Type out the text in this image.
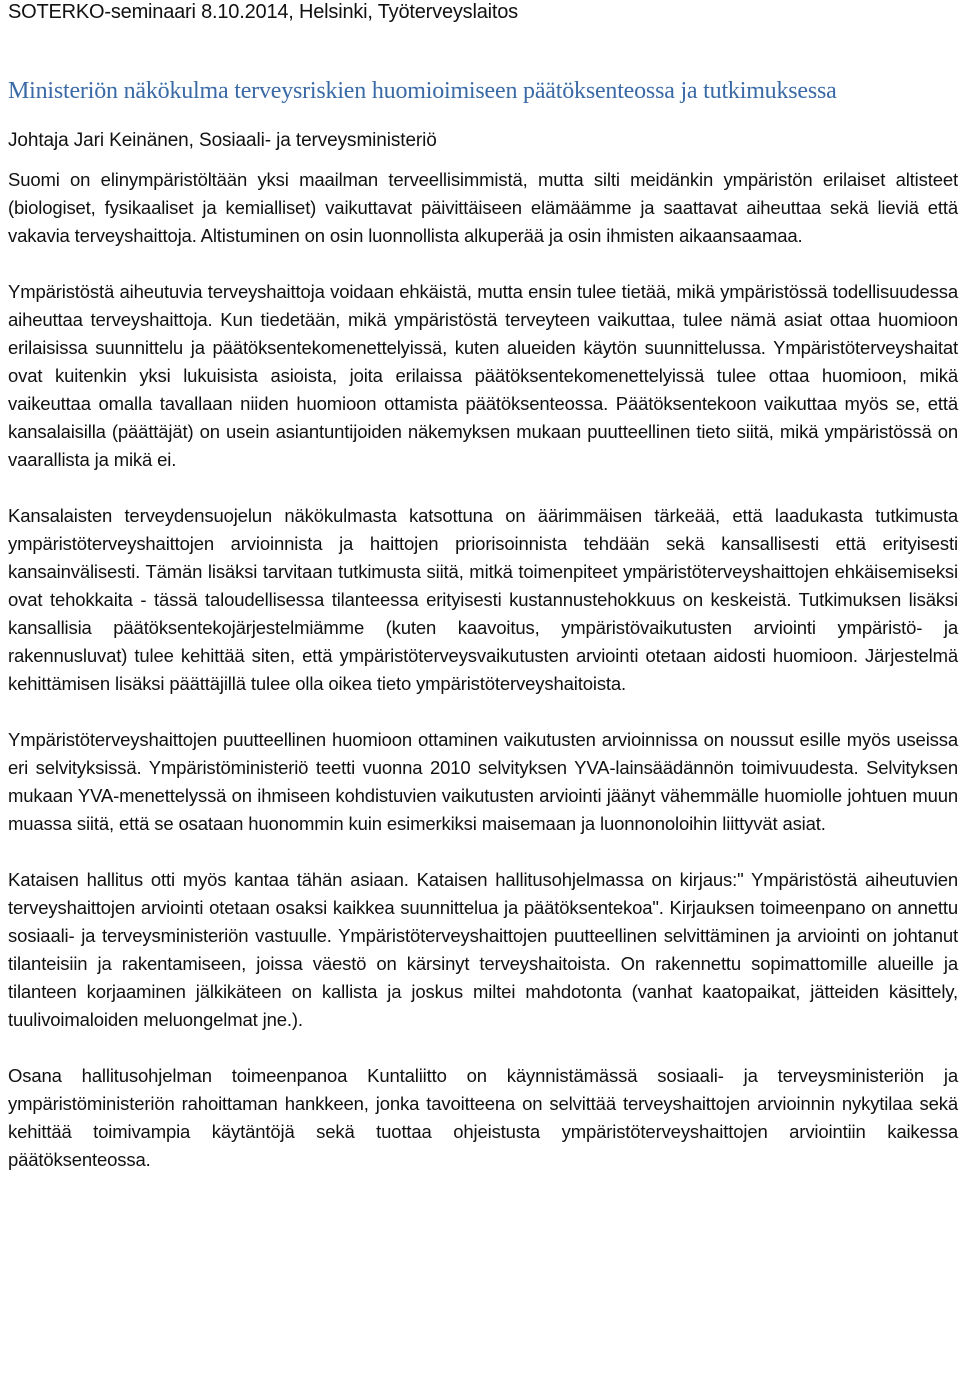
SOTERKO-seminaari 8.10.2014, Helsinki, Työterveyslaitos
Ministeriön näkökulma terveysriskien huomioimiseen päätöksenteossa ja tutkimuksessa
Johtaja Jari Keinänen, Sosiaali- ja terveysministeriö

Suomi on elinympäristöltään yksi maailman terveellisimmistä, mutta silti meidänkin ympäristön erilaiset altisteet (biologiset, fysikaaliset ja kemialliset) vaikuttavat päivittäiseen elämäämme ja saattavat aiheuttaa sekä lieviä että vakavia terveyshaittoja. Altistuminen on osin luonnollista alkuperää ja osin ihmisten aikaansaamaa.

Ympäristöstä aiheutuvia terveyshaittoja voidaan ehkäistä, mutta ensin tulee tietää, mikä ympäristössä todellisuudessa aiheuttaa terveyshaittoja. Kun tiedetään, mikä ympäristöstä terveyteen vaikuttaa, tulee nämä asiat ottaa huomioon erilaisissa suunnittelu ja päätöksentekomenettelyissä, kuten alueiden käytön suunnittelussa. Ympäristöterveyshaitat ovat kuitenkin yksi lukuisista asioista, joita erilaissa päätöksentekomenettelyissä tulee ottaa huomioon, mikä vaikeuttaa omalla tavallaan niiden huomioon ottamista päätöksenteossa. Päätöksentekoon vaikuttaa myös se, että kansalaisilla (päättäjät) on usein asiantuntijoiden näkemyksen mukaan puutteellinen tieto siitä, mikä ympäristössä on vaarallista ja mikä ei.

Kansalaisten terveydensuojelun näkökulmasta katsottuna on äärimmäisen tärkeää, että laadukasta tutkimusta ympäristöterveyshaittojen arvioinnista ja haittojen priorisoinnista tehdään sekä kansallisesti että erityisesti kansainvälisesti. Tämän lisäksi tarvitaan tutkimusta siitä, mitkä toimenpiteet ympäristöterveyshaittojen ehkäisemiseksi ovat tehokkaita - tässä taloudellisessa tilanteessa erityisesti kustannustehokkuus on keskeistä. Tutkimuksen lisäksi kansallisia päätöksentekojärjestelmiämme (kuten kaavoitus, ympäristövaikutusten arviointi ympäristö- ja rakennusluvat) tulee kehittää siten, että ympäristöterveysvaikutusten arviointi otetaan aidosti huomioon. Järjestelmä kehittämisen lisäksi päättäjillä tulee olla oikea tieto ympäristöterveyshaitoista.

Ympäristöterveyshaittojen puutteellinen huomioon ottaminen vaikutusten arvioinnissa on noussut esille myös useissa eri selvityksissä. Ympäristöministeriö teetti vuonna 2010 selvityksen YVA-lainsäädännön toimivuudesta. Selvityksen mukaan YVA-menettelyssä on ihmiseen kohdistuvien vaikutusten arviointi jäänyt vähemmälle huomiolle johtuen muun muassa siitä, että se osataan huonommin kuin esimerkiksi maisemaan ja luonnonoloihin liittyvät asiat.

Kataisen hallitus otti myös kantaa tähän asiaan. Kataisen hallitusohjelmassa on kirjaus:" Ympäristöstä aiheutuvien terveyshaittojen arviointi otetaan osaksi kaikkea suunnittelua ja päätöksentekoa". Kirjauksen toimeenpano on annettu sosiaali- ja terveysministeriön vastuulle. Ympäristöterveyshaittojen puutteellinen selvittäminen ja arviointi on johtanut tilanteisiin ja rakentamiseen, joissa väestö on kärsinyt terveyshaitoista. On rakennettu sopimattomille alueille ja tilanteen korjaaminen jälkikäteen on kallista ja joskus miltei mahdotonta (vanhat kaatopaikat, jätteiden käsittely, tuulivoimaloiden meluongelmat jne.).

Osana hallitusohjelman toimeenpanoa Kuntaliitto on käynnistämässä sosiaali- ja terveysministeriön ja ympäristöministeriön rahoittaman hankkeen, jonka tavoitteena on selvittää terveyshaittojen arvioinnin nykytilaa sekä kehittää toimivampia käytäntöjä sekä tuottaa ohjeistusta ympäristöterveyshaittojen arviointiin kaikessa päätöksenteossa.
